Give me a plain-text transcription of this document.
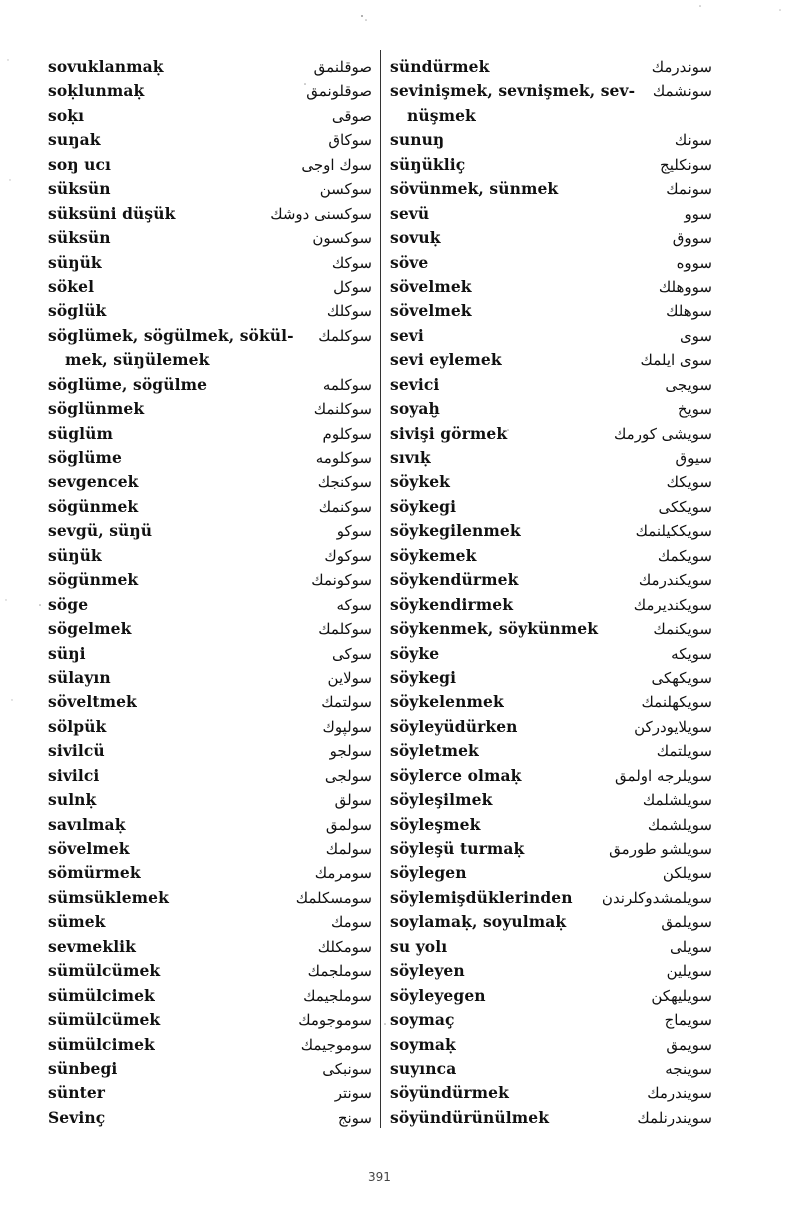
sovuklanmaḳ	صوقلنمق
soḳlunmaḳ	صوقلونمق
soḳı	صوقی
suŋak	سوکاق
soŋ ucı	سوك اوجی
süksün	سوکسن
süksüni düşük	سوکسنی دوشك
süksün	سوکسون
süŋük	سوکك
sökel	سوکل
söglük	سوکلك
söglümek, sögülmek, sökül- سوکلمك
mek, süŋülemek
söglüme, sögülme	سوکلمه
söglünmek	سوکلنمك
süglüm	سوکلوم
söglüme	سوکلومه
sevgencek	سوکنجك
sögünmek	سوکنمك
sevgü, süŋü	سوکو
süŋük	سوکوك
sögünmek	سوکونمك
söge	سوکه
sögelmek	سوکلمك
süŋi	سوکی
sülayın	سولاین
söveltmek	سولتمك
sölpük	سولپوك
sivilcü	سولجو
sivilci	سولجی
sulnḳ	سولق
savılmaḳ	سولمق
sövelmek	سولمك
sömürmek	سومرمك
sümsüklemek	سومسکلمك
sümek	سومك
sevmeklik	سومکلك
sümülcümek	سوملجمك
sümülcimek	سوملجیمك
sümülcümek	سوموجومك
sümülcimek	سوموجیمك
sünbegi	سونبکی
sünter	سونتر
Sevinç	سونج
sündürmek	سوندرمك
sevinişmek, sevnişmek, sev- سونشمك
nüşmek
sunuŋ	سونك
süŋükliç	سونکلیج
sövünmek, sünmek	سونمك
sevü	سوو
sovuḳ	سووق
söve	سووه
sövelmek	سووهلك
sövelmek	سوهلك
sevi	سوی
sevi eylemek	سوی ایلمك
sevici	سویجی
soyaḫ	سویخ
sivişi görmek	سویشی کورمك
sıvıḳ	سیوق
söykek	سویکك
söykegi	سویککی
söykegilenmek	سویککیلنمك
söykemek	سویکمك
söykendürmek	سویکندرمك
söykendirmek	سویکندیرمك
söykenmek, söykünmek	سویکنمك
söyke	سویکه
söykegi	سویکهکی
söykelenmek	سویکهلنمك
söyleyüdürken	سویلایودرکن
söyletmek	سویلتمك
söylerce olmaḳ	سویلرجه اولمق
söyleşilmek	سویلشلمك
söyleşmek	سویلشمك
söyleşü turmaḳ	سویلشو طورمق
söylegen	سویلکن
söylemişdüklerinden سویلمشدوکلرندن
soylamaḳ, soyulmaḳ	سویلمق
su yolı	سویلی
söyleyen	سویلین
söyleyegen	سویلیهکن
soymaç	سویماج
soymaḳ	سویمق
suyınca	سوینجه
söyündürmek	سویندرمك
söyündürünülmek	سویندرنلمك
391
